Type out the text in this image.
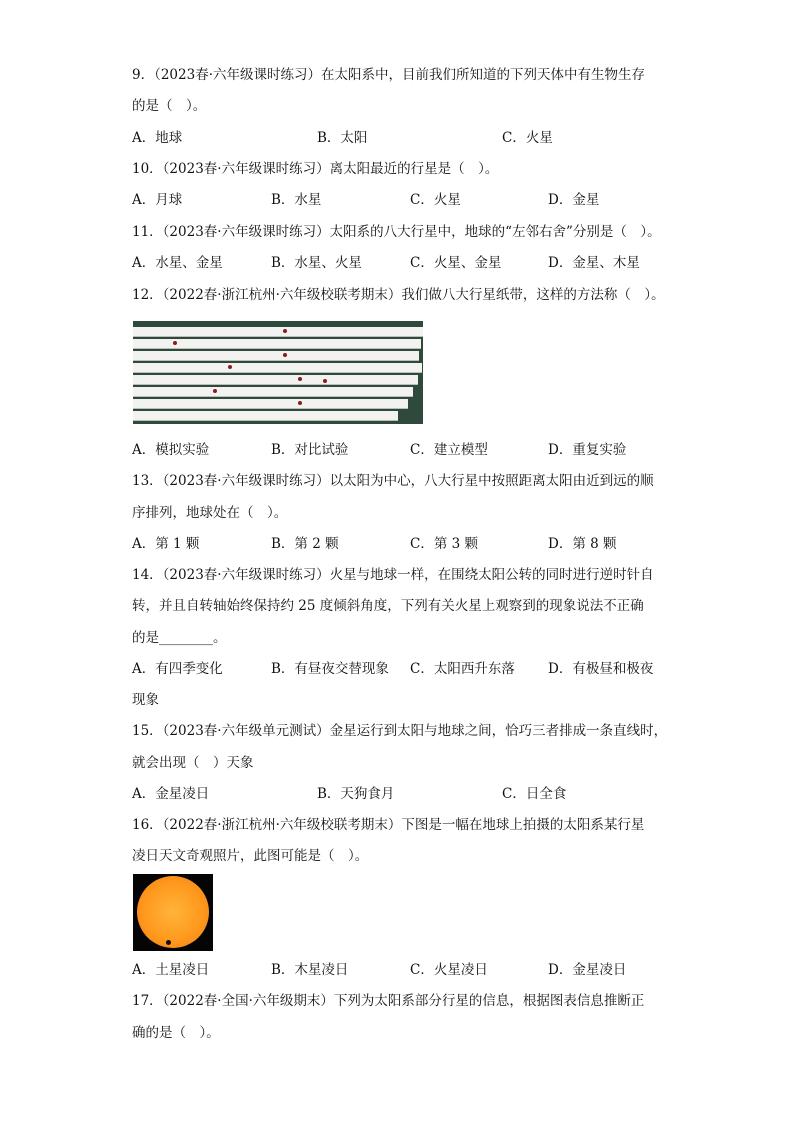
9．（2023春·六年级课时练习）在太阳系中，目前我们所知道的下列天体中有生物生存
的是（　）。
A．地球	B．太阳	C．火星
10．（2023春·六年级课时练习）离太阳最近的行星是（　）。
A．月球	B．水星	C．火星	D．金星
11．（2023春·六年级课时练习）太阳系的八大行星中，地球的“左邻右舍”分别是（　）。
A．水星、金星	B．水星、火星	C．火星、金星	D．金星、木星
12．（2022春·浙江杭州·六年级校联考期末）我们做八大行星纸带，这样的方法称（　）。
A．模拟实验	B．对比试验	C．建立模型	D．重复实验
13．（2023春·六年级课时练习）以太阳为中心，八大行星中按照距离太阳由近到远的顺
序排列，地球处在（　）。
A．第 1 颗	B．第 2 颗	C．第 3 颗	D．第 8 颗
14．（2023春·六年级课时练习）火星与地球一样，在围绕太阳公转的同时进行逆时针自
转，并且自转轴始终保持约 25 度倾斜角度，下列有关火星上观察到的现象说法不正确
的是________。
A．有四季变化	B．有昼夜交替现象 C．太阳西升东落 D．有极昼和极夜
现象
15．（2023春·六年级单元测试）金星运行到太阳与地球之间，恰巧三者排成一条直线时，
就会出现（　）天象
A．金星凌日	B．天狗食月	C．日全食
16．（2022春·浙江杭州·六年级校联考期末）下图是一幅在地球上拍摄的太阳系某行星
凌日天文奇观照片，此图可能是（　）。
A．土星凌日	B．木星凌日	C．火星凌日	D．金星凌日
17．（2022春·全国·六年级期末）下列为太阳系部分行星的信息，根据图表信息推断正
确的是（　）。
